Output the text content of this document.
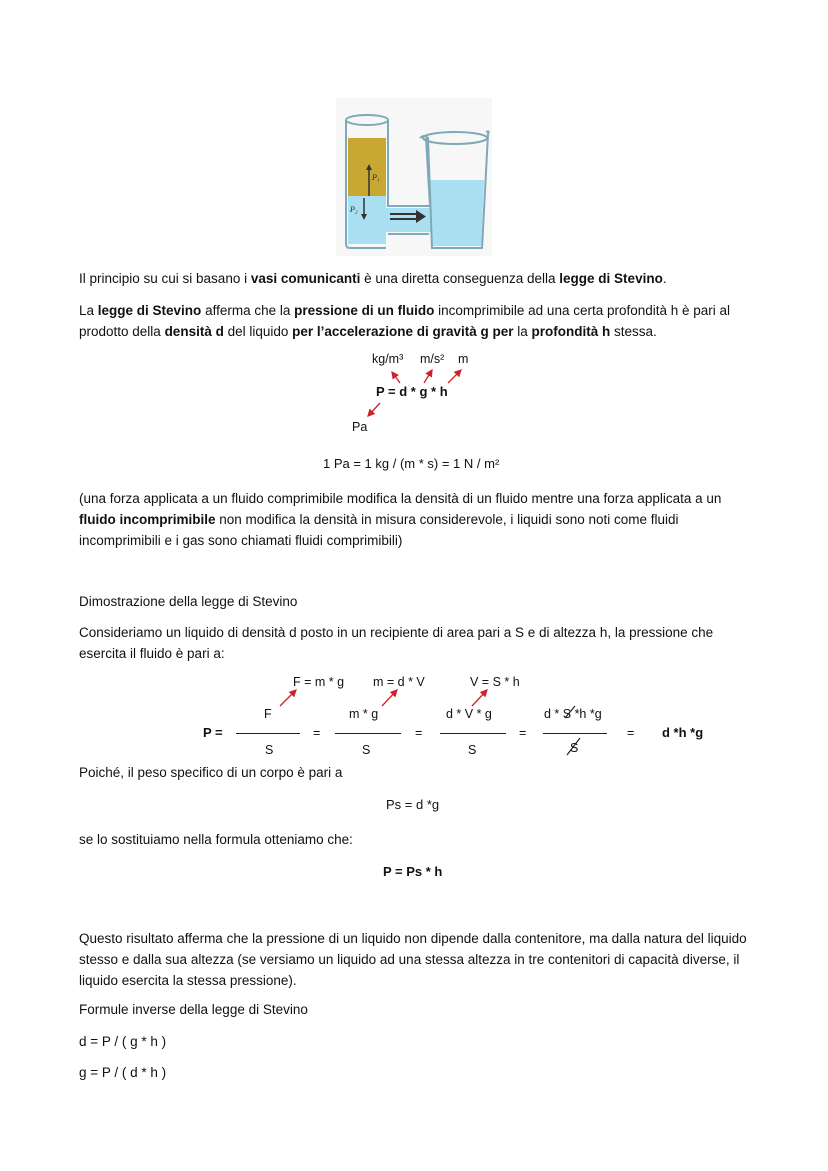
P₁
P₂
Il principio su cui si basano i vasi comunicanti è una diretta conseguenza della legge di Stevino.
La legge di Stevino afferma che la pressione di un fluido incomprimibile ad una certa profondità h è pari al prodotto della densità d del liquido per l’accelerazione di gravità g per la profondità h stessa.
kg/m³ m/s² m
P = d * g * h
Pa
1 Pa = 1 kg / (m * s) = 1 N / m²
(una forza applicata a un fluido comprimibile modifica la densità di un fluido mentre una forza applicata a un fluido incomprimibile non modifica la densità in misura considerevole, i liquidi sono noti come fluidi incomprimibili e i gas sono chiamati fluidi comprimibili)
Dimostrazione della legge di Stevino
Consideriamo un liquido di densità d posto in un recipiente di area pari a S e di altezza h, la pressione che esercita il fluido è pari a:
F = m * g m = d * V	V = S * h
P =
F
S
=
m * g
S
=
d * V * g
S
=
d * S *h *g
S
= d *h *g
Poiché, il peso specifico di un corpo è pari a
Ps = d *g
se lo sostituiamo nella formula otteniamo che:
P = Ps * h
Questo risultato afferma che la pressione di un liquido non dipende dalla contenitore, ma dalla natura del liquido stesso e dalla sua altezza (se versiamo un liquido ad una stessa altezza in tre contenitori di capacità diverse, il liquido esercita la stessa pressione).
Formule inverse della legge di Stevino
d = P / ( g * h )
g = P / ( d * h )
